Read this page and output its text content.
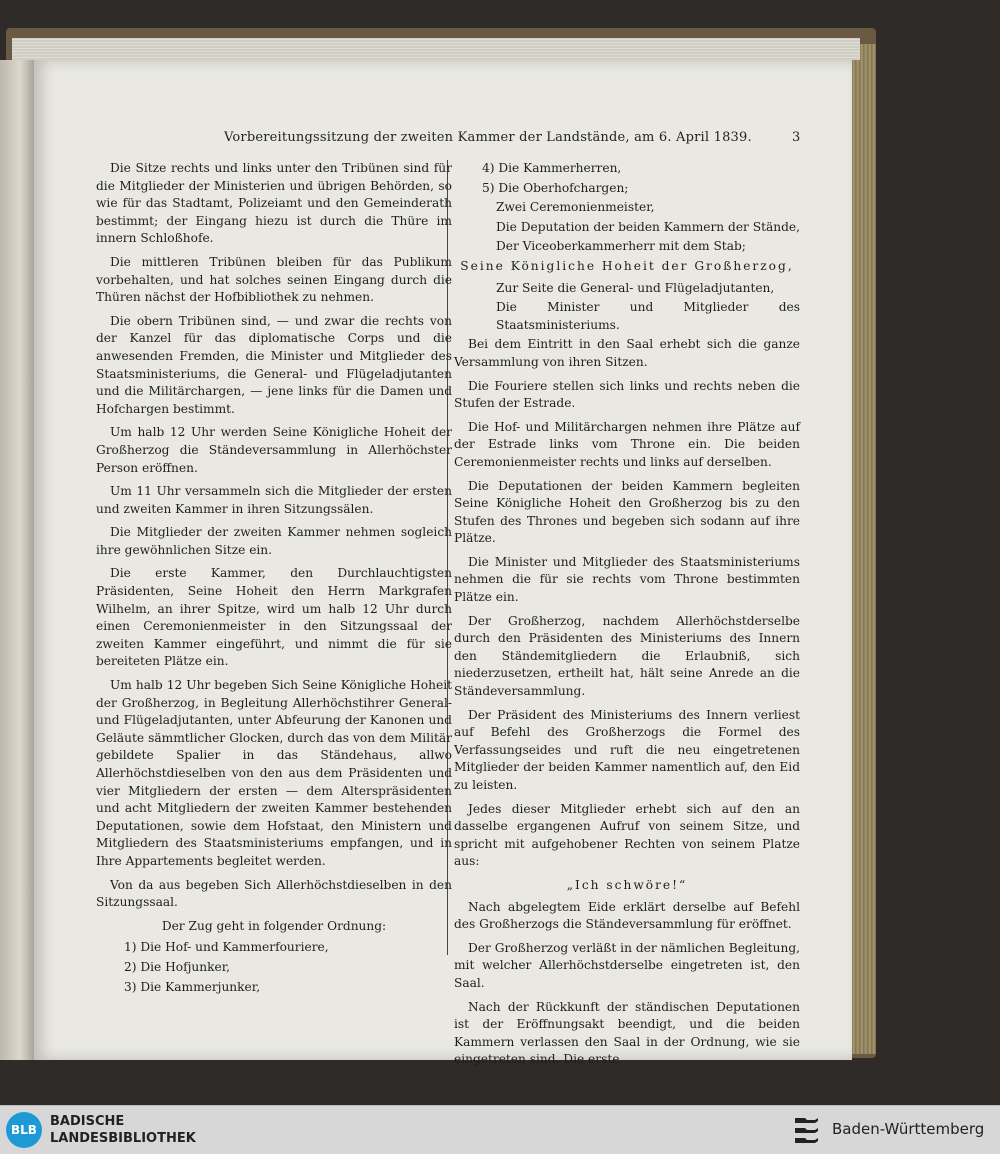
Vorbereitungssitzung der zweiten Kammer der Landstände, am 6. April 1839.	3

Die Sitze rechts und links unter den Tribünen sind für die Mitglieder der Ministerien und übrigen Behörden, so wie für das Stadtamt, Polizeiamt und den Gemeinderath bestimmt; der Eingang hiezu ist durch die Thüre im innern Schloßhofe.

Die mittleren Tribünen bleiben für das Publikum vorbehalten, und hat solches seinen Eingang durch die Thüren nächst der Hofbibliothek zu nehmen.

Die obern Tribünen sind, — und zwar die rechts von der Kanzel für das diplomatische Corps und die anwesenden Fremden, die Minister und Mitglieder des Staatsministeriums, die General- und Flügeladjutanten und die Militärchargen, — jene links für die Damen und Hofchargen bestimmt.

Um halb 12 Uhr werden Seine Königliche Hoheit der Großherzog die Ständeversammlung in Allerhöchster Person eröffnen.

Um 11 Uhr versammeln sich die Mitglieder der ersten und zweiten Kammer in ihren Sitzungssälen.

Die Mitglieder der zweiten Kammer nehmen sogleich ihre gewöhnlichen Sitze ein.

Die erste Kammer, den Durchlauchtigsten Präsidenten, Seine Hoheit den Herrn Markgrafen Wilhelm, an ihrer Spitze, wird um halb 12 Uhr durch einen Ceremonienmeister in den Sitzungssaal der zweiten Kammer eingeführt, und nimmt die für sie bereiteten Plätze ein.

Um halb 12 Uhr begeben Sich Seine Königliche Hoheit der Großherzog, in Begleitung Allerhöchstihrer General- und Flügeladjutanten, unter Abfeurung der Kanonen und Geläute sämmtlicher Glocken, durch das von dem Militär gebildete Spalier in das Ständehaus, allwo Allerhöchstdieselben von den aus dem Präsidenten und vier Mitgliedern der ersten — dem Alterspräsidenten und acht Mitgliedern der zweiten Kammer bestehenden Deputationen, sowie dem Hofstaat, den Ministern und Mitgliedern des Staatsministeriums empfangen, und in Ihre Appartements begleitet werden.

Von da aus begeben Sich Allerhöchstdieselben in den Sitzungssaal.

Der Zug geht in folgender Ordnung:

1) Die Hof- und Kammerfouriere,

2) Die Hofjunker,

3) Die Kammerjunker,

4) Die Kammerherren,

5) Die Oberhofchargen;

Zwei Ceremonienmeister,

Die Deputation der beiden Kammern der Stände,

Der Viceoberkammerherr mit dem Stab;

Seine Königliche Hoheit der Großherzog,

Zur Seite die General- und Flügeladjutanten,

Die Minister und Mitglieder des Staatsministeriums.

Bei dem Eintritt in den Saal erhebt sich die ganze Versammlung von ihren Sitzen.

Die Fouriere stellen sich links und rechts neben die Stufen der Estrade.

Die Hof- und Militärchargen nehmen ihre Plätze auf der Estrade links vom Throne ein. Die beiden Ceremonienmeister rechts und links auf derselben.

Die Deputationen der beiden Kammern begleiten Seine Königliche Hoheit den Großherzog bis zu den Stufen des Thrones und begeben sich sodann auf ihre Plätze.

Die Minister und Mitglieder des Staatsministeriums nehmen die für sie rechts vom Throne bestimmten Plätze ein.

Der Großherzog, nachdem Allerhöchstderselbe durch den Präsidenten des Ministeriums des Innern den Ständemitgliedern die Erlaubniß, sich niederzusetzen, ertheilt hat, hält seine Anrede an die Ständeversammlung.

Der Präsident des Ministeriums des Innern verliest auf Befehl des Großherzogs die Formel des Verfassungseides und ruft die neu eingetretenen Mitglieder der beiden Kammer namentlich auf, den Eid zu leisten.

Jedes dieser Mitglieder erhebt sich auf den an dasselbe ergangenen Aufruf von seinem Sitze, und spricht mit aufgehobener Rechten von seinem Platze aus:

„Ich schwöre!“

Nach abgelegtem Eide erklärt derselbe auf Befehl des Großherzogs die Ständeversammlung für eröffnet.

Der Großherzog verläßt in der nämlichen Begleitung, mit welcher Allerhöchstderselbe eingetreten ist, den Saal.

Nach der Rückkunft der ständischen Deputationen ist der Eröffnungsakt beendigt, und die beiden Kammern verlassen den Saal in der Ordnung, wie sie eingetreten sind. Die erste

BLB
BADISCHE
LANDESBIBLIOTHEK
Baden-Württemberg
